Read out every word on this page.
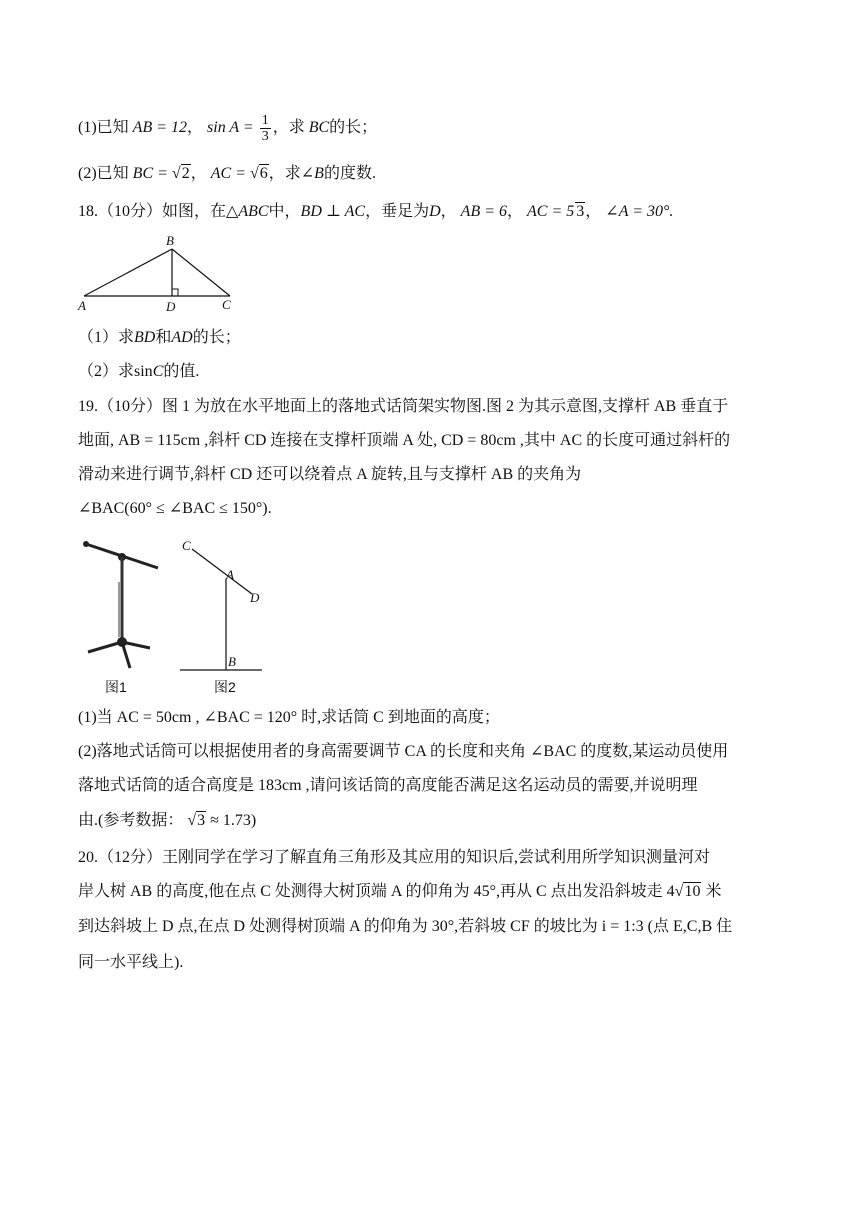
(1)已知 AB = 12， $\sin A = \frac{1}{3}$ ，求 BC的长；
(2)已知 BC = √2， AC = √6，求∠B的度数.
18.（10分）如图，在△ABC中，BD ⊥ AC，垂足为D， AB = 6， AC = 5 3， ∠A = 30°.
B
A	D	C
（1）求BD和AD的长；
（2）求sinC的值.
19.（10分）图 1 为放在水平地面上的落地式话筒架实物图.图 2 为其示意图,支撑杆 AB 垂直于
地面, AB = 115cm ,斜杆 CD 连接在支撑杆顶端 A 处, CD = 80cm ,其中 AC 的长度可通过斜杆的
滑动来进行调节,斜杆 CD 还可以绕着点 A 旋转,且与支撑杆 AB 的夹角为
∠BAC(60° ≤ ∠BAC ≤ 150°).
C
A
D
B
图1	图2
(1)当 AC = 50cm , ∠BAC = 120° 时,求话筒 C 到地面的高度；
(2)落地式话筒可以根据使用者的身高需要调节 CA 的长度和夹角 ∠BAC 的度数,某运动员使用
落地式话筒的适合高度是 183cm ,请问该话筒的高度能否满足这名运动员的需要,并说明理
由.(参考数据： √3 ≈ 1.73)
20.（12分）王刚同学在学习了解直角三角形及其应用的知识后,尝试利用所学知识测量河对
岸人树 AB 的高度,他在点 C 处测得大树顶端 A 的仰角为 45°,再从 C 点出发沿斜坡走 4√10 米
到达斜坡上 D 点,在点 D 处测得树顶端 A 的仰角为 30°,若斜坡 CF 的坡比为 i = 1:3 (点 E,C,B 住
同一水平线上).
